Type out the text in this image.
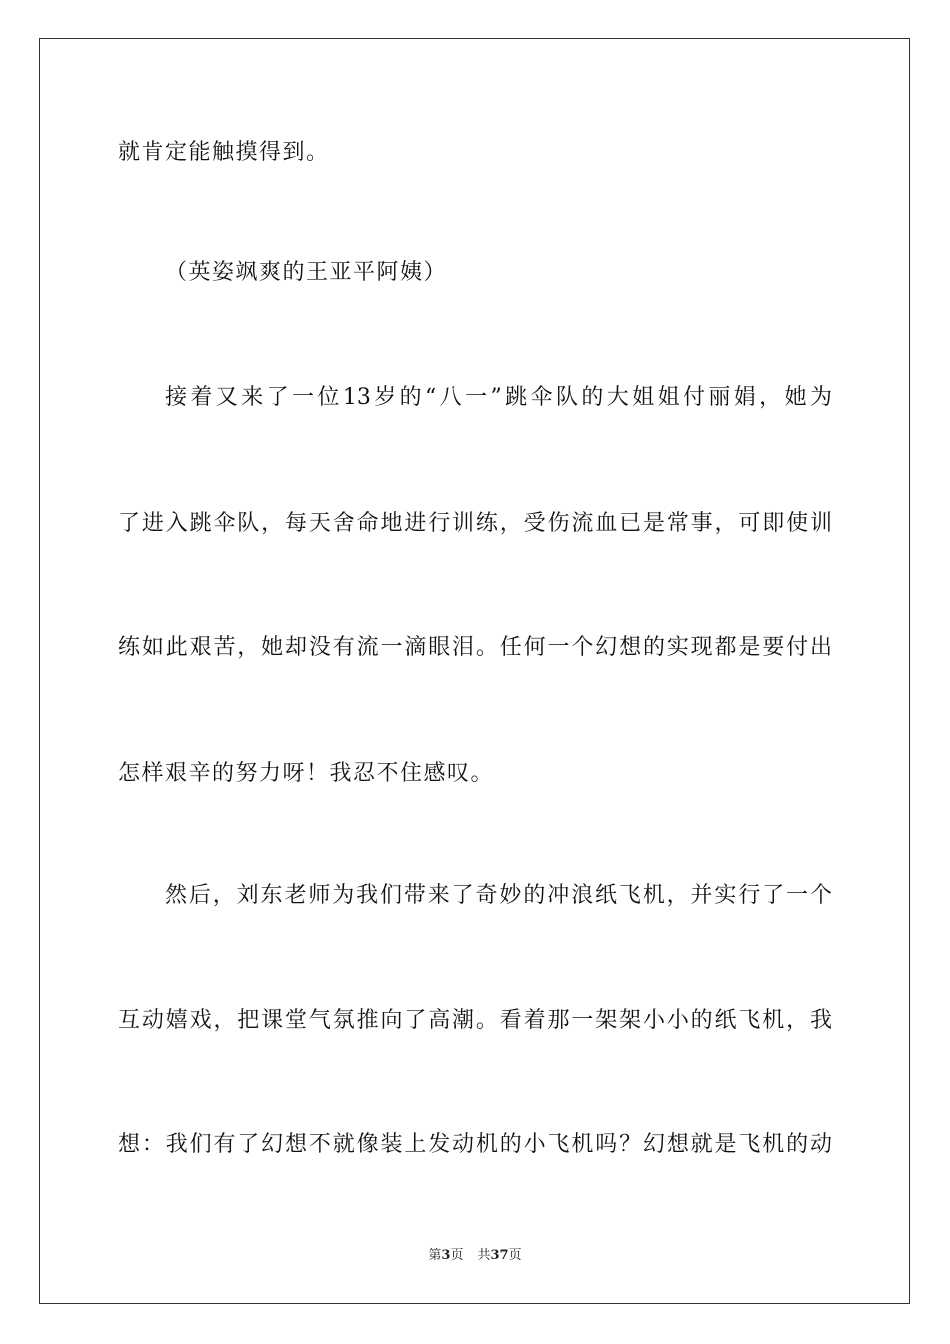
就肯定能触摸得到。
（英姿飒爽的王亚平阿姨）
接着又来了一位13岁的“八一”跳伞队的大姐姐付丽娟，她为
了进入跳伞队，每天舍命地进行训练，受伤流血已是常事，可即使训
练如此艰苦，她却没有流一滴眼泪。任何一个幻想的实现都是要付出
怎样艰辛的努力呀！我忍不住感叹。
然后，刘东老师为我们带来了奇妙的冲浪纸飞机，并实行了一个
互动嬉戏，把课堂气氛推向了高潮。看着那一架架小小的纸飞机，我
想：我们有了幻想不就像装上发动机的小飞机吗？幻想就是飞机的动
第3页 共37页
